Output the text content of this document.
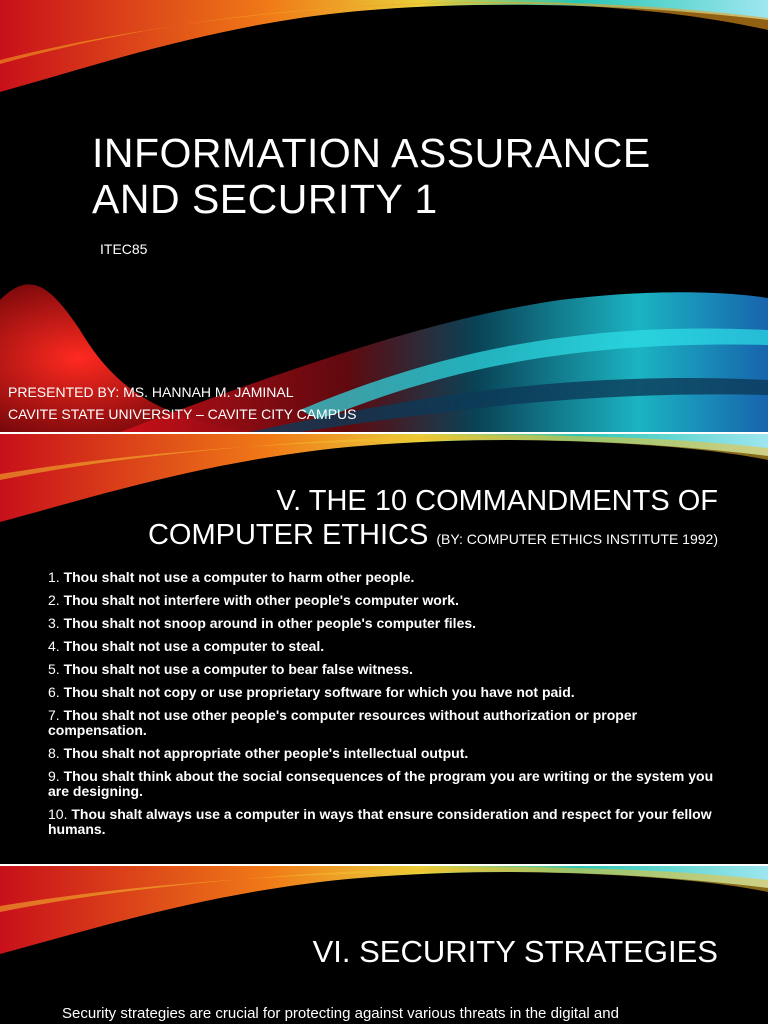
INFORMATION ASSURANCE
AND SECURITY 1
ITEC85
PRESENTED BY: MS. HANNAH M. JAMINAL
CAVITE STATE UNIVERSITY – CAVITE CITY CAMPUS
V. THE 10 COMMANDMENTS OF
COMPUTER ETHICS (BY: COMPUTER ETHICS INSTITUTE 1992)
1. Thou shalt not use a computer to harm other people.
2. Thou shalt not interfere with other people's computer work.
3. Thou shalt not snoop around in other people's computer files.
4. Thou shalt not use a computer to steal.
5. Thou shalt not use a computer to bear false witness.
6. Thou shalt not copy or use proprietary software for which you have not paid.
7. Thou shalt not use other people's computer resources without authorization or proper compensation.
8. Thou shalt not appropriate other people's intellectual output.
9. Thou shalt think about the social consequences of the program you are writing or the system you are designing.
10. Thou shalt always use a computer in ways that ensure consideration and respect for your fellow humans.
VI. SECURITY STRATEGIES
Security strategies are crucial for protecting against various threats in the digital and
